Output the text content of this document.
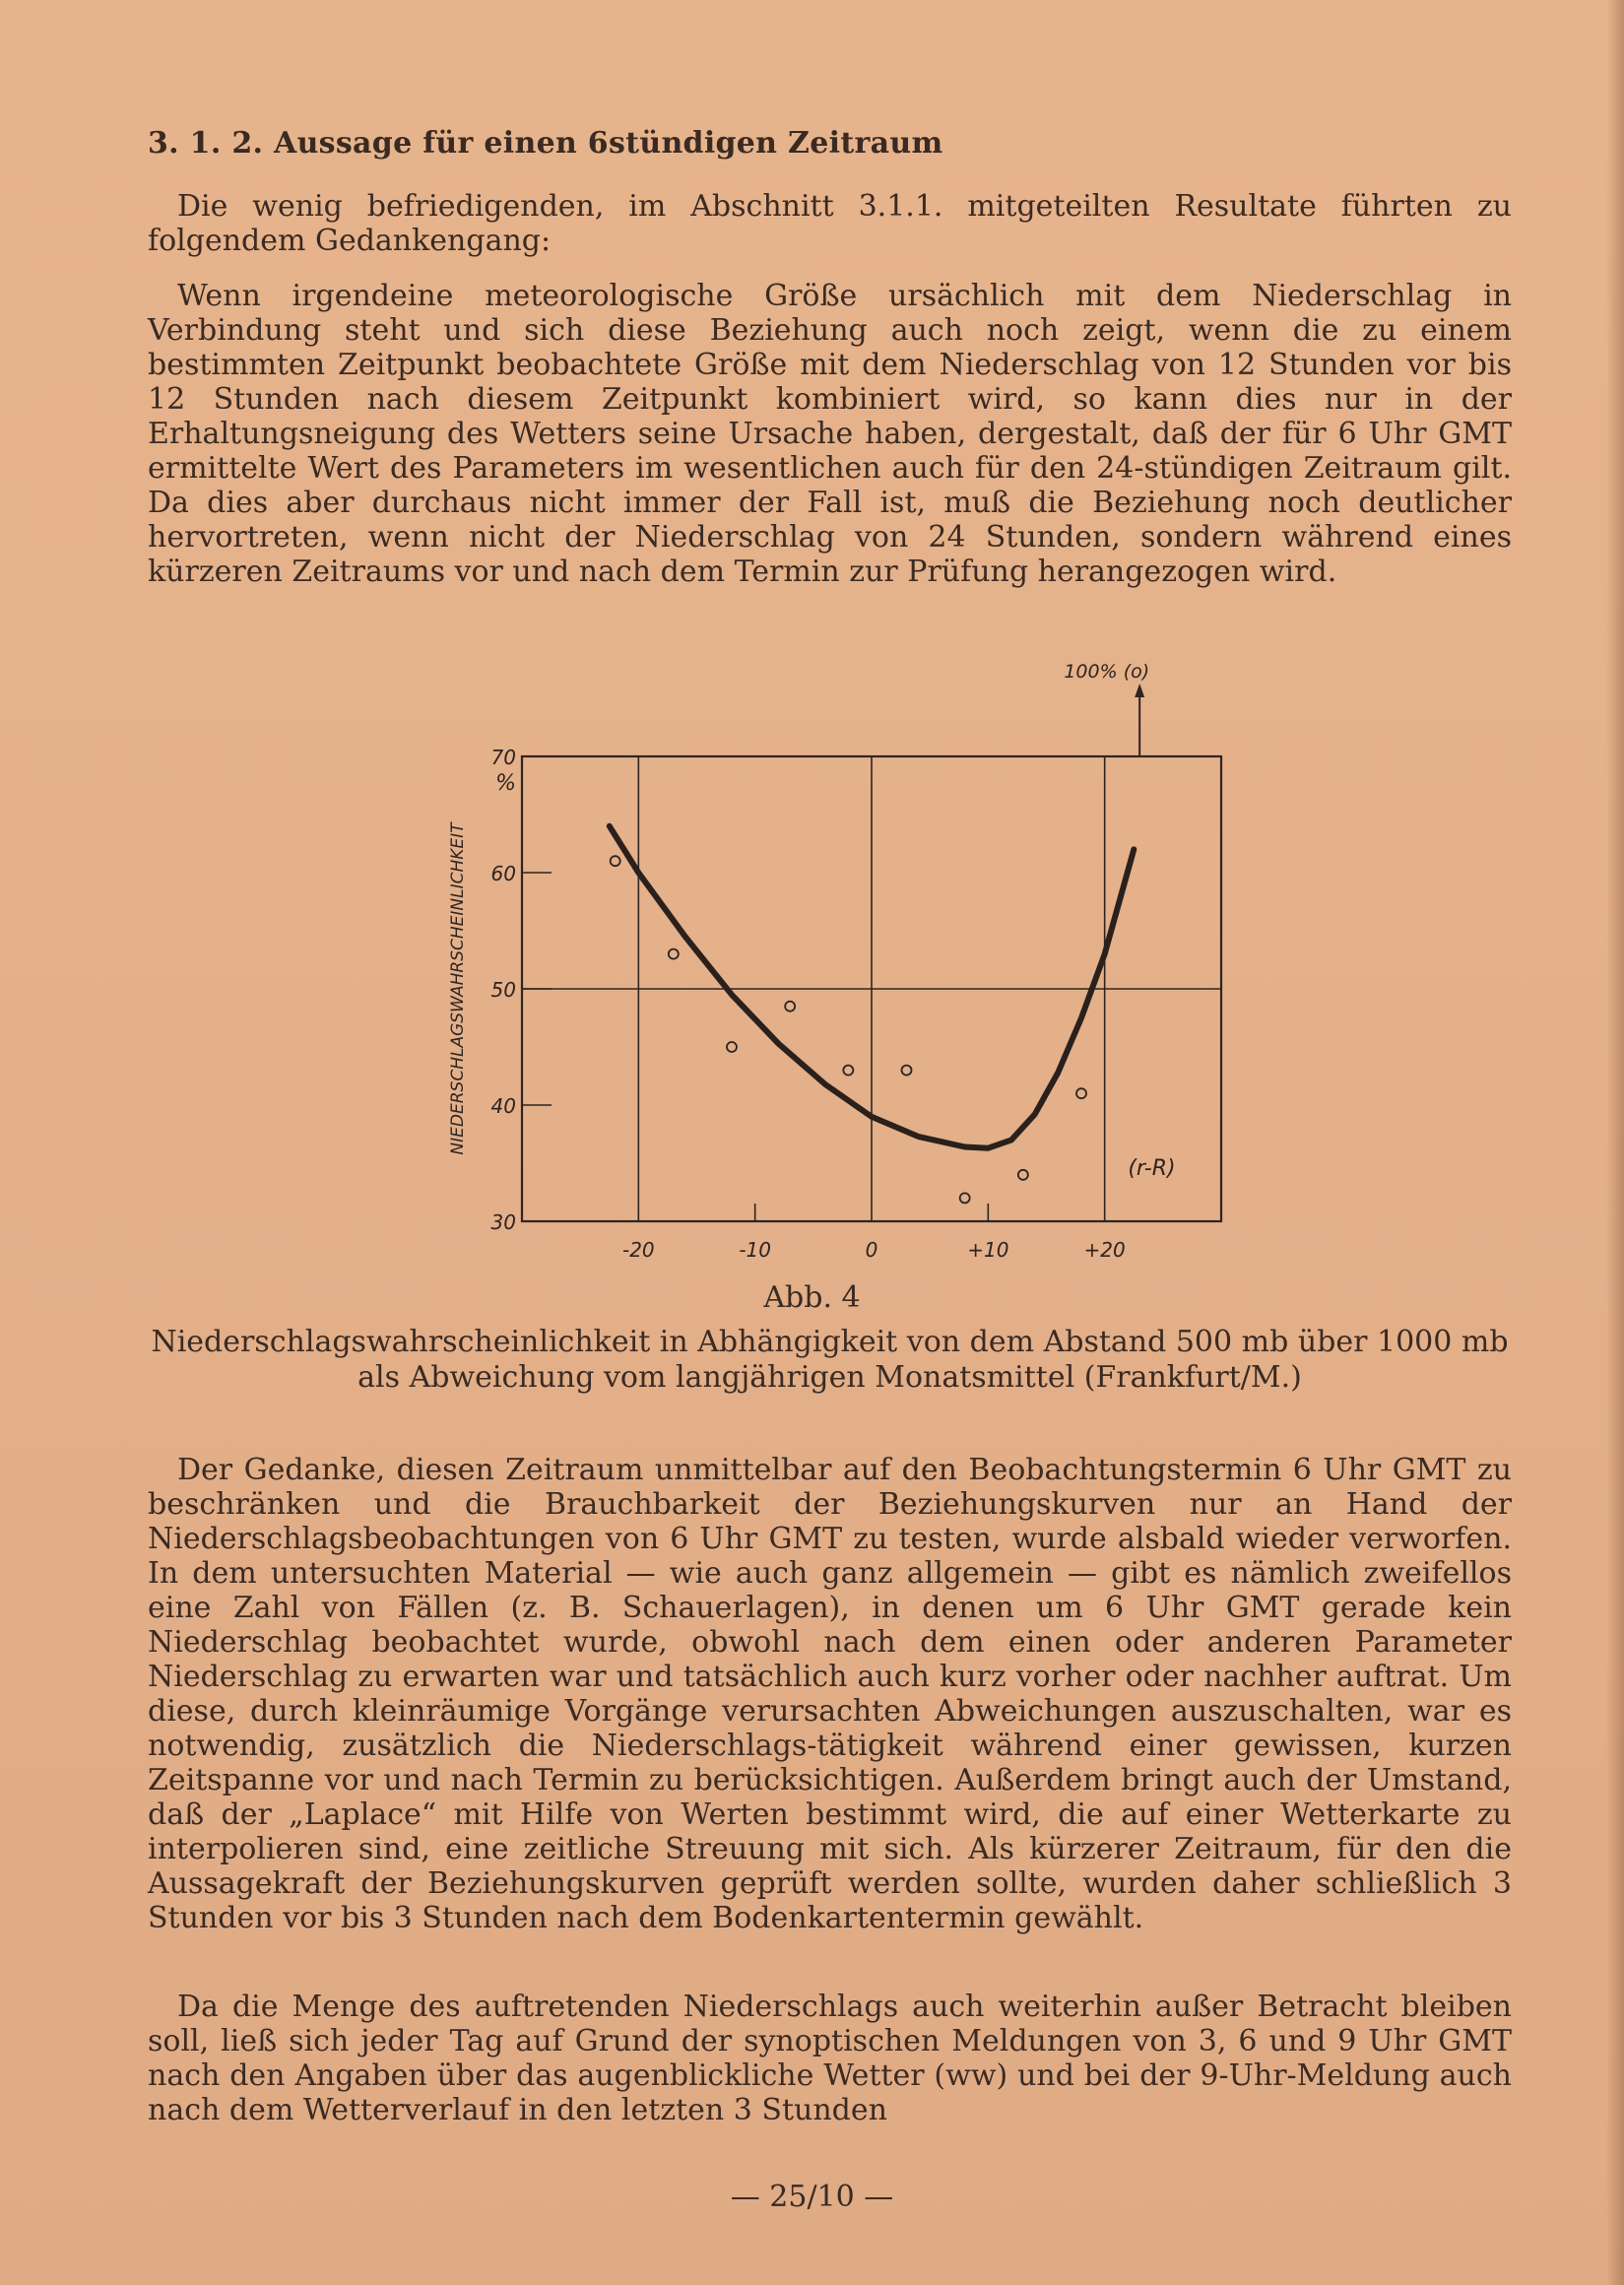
3. 1. 2. Aussage für einen 6stündigen Zeitraum

Die wenig befriedigenden, im Abschnitt 3.1.1. mitgeteilten Resultate führten zu folgendem Gedankengang:

Wenn irgendeine meteorologische Größe ursächlich mit dem Niederschlag in Verbindung steht und sich diese Beziehung auch noch zeigt, wenn die zu einem bestimmten Zeitpunkt beobachtete Größe mit dem Niederschlag von 12 Stunden vor bis 12 Stunden nach diesem Zeitpunkt kombiniert wird, so kann dies nur in der Erhaltungsneigung des Wetters seine Ursache haben, dergestalt, daß der für 6 Uhr GMT ermittelte Wert des Parameters im wesentlichen auch für den 24-stündigen Zeitraum gilt. Da dies aber durchaus nicht immer der Fall ist, muß die Beziehung noch deutlicher hervortreten, wenn nicht der Niederschlag von 24 Stunden, sondern während eines kürzeren Zeitraums vor und nach dem Termin zur Prüfung herangezogen wird.

30
40
50
60
70
%
-20	-10	0	+10	+20
NIEDERSCHLAGSWAHRSCHEINLICHKEIT
(r-R)
100% (o)
Abb. 4
Niederschlagswahrscheinlichkeit in Abhängigkeit von dem Abstand 500 mb über 1000 mb als Abweichung vom langjährigen Monatsmittel (Frankfurt/M.)

Der Gedanke, diesen Zeitraum unmittelbar auf den Beobachtungstermin 6 Uhr GMT zu beschränken und die Brauchbarkeit der Beziehungskurven nur an Hand der Niederschlagsbeobachtungen von 6 Uhr GMT zu testen, wurde alsbald wieder verworfen. In dem untersuchten Material — wie auch ganz allgemein — gibt es nämlich zweifellos eine Zahl von Fällen (z. B. Schauerlagen), in denen um 6 Uhr GMT gerade kein Niederschlag beobachtet wurde, obwohl nach dem einen oder anderen Parameter Niederschlag zu erwarten war und tatsächlich auch kurz vorher oder nachher auftrat. Um diese, durch kleinräumige Vorgänge verursachten Abweichungen auszuschalten, war es notwendig, zusätzlich die Niederschlags-tätigkeit während einer gewissen, kurzen Zeitspanne vor und nach Termin zu berücksichtigen. Außerdem bringt auch der Umstand, daß der „Laplace“ mit Hilfe von Werten bestimmt wird, die auf einer Wetterkarte zu interpolieren sind, eine zeitliche Streuung mit sich. Als kürzerer Zeitraum, für den die Aussagekraft der Beziehungskurven geprüft werden sollte, wurden daher schließlich 3 Stunden vor bis 3 Stunden nach dem Bodenkartentermin gewählt.

Da die Menge des auftretenden Niederschlags auch weiterhin außer Betracht bleiben soll, ließ sich jeder Tag auf Grund der synoptischen Meldungen von 3, 6 und 9 Uhr GMT nach den Angaben über das augenblickliche Wetter (ww) und bei der 9-Uhr-Meldung auch nach dem Wetterverlauf in den letzten 3 Stunden

— 25/10 —
